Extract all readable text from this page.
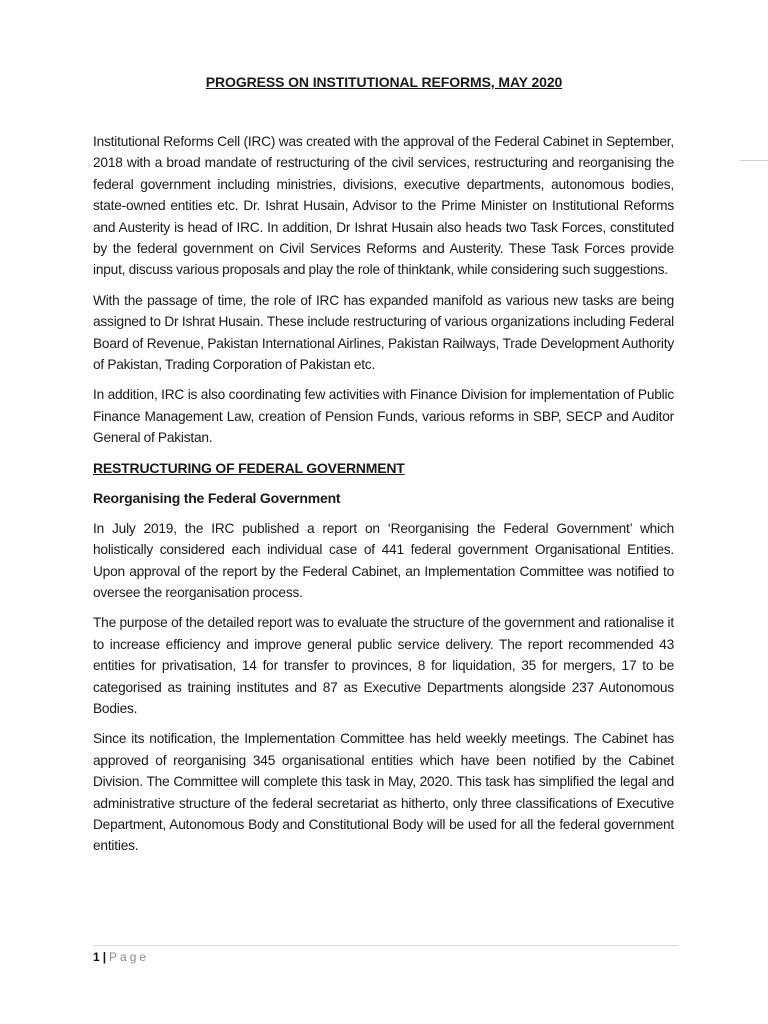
PROGRESS ON INSTITUTIONAL REFORMS, MAY 2020

Institutional Reforms Cell (IRC) was created with the approval of the Federal Cabinet in September, 2018 with a broad mandate of restructuring of the civil services, restructuring and reorganising the federal government including ministries, divisions, executive departments, autonomous bodies, state-owned entities etc. Dr. Ishrat Husain, Advisor to the Prime Minister on Institutional Reforms and Austerity is head of IRC. In addition, Dr Ishrat Husain also heads two Task Forces, constituted by the federal government on Civil Services Reforms and Austerity. These Task Forces provide input, discuss various proposals and play the role of thinktank, while considering such suggestions.

With the passage of time, the role of IRC has expanded manifold as various new tasks are being assigned to Dr Ishrat Husain. These include restructuring of various organizations including Federal Board of Revenue, Pakistan International Airlines, Pakistan Railways, Trade Development Authority of Pakistan, Trading Corporation of Pakistan etc.

In addition, IRC is also coordinating few activities with Finance Division for implementation of Public Finance Management Law, creation of Pension Funds, various reforms in SBP, SECP and Auditor General of Pakistan.

RESTRUCTURING OF FEDERAL GOVERNMENT
Reorganising the Federal Government

In July 2019, the IRC published a report on ‘Reorganising the Federal Government’ which holistically considered each individual case of 441 federal government Organisational Entities. Upon approval of the report by the Federal Cabinet, an Implementation Committee was notified to oversee the reorganisation process.

The purpose of the detailed report was to evaluate the structure of the government and rationalise it to increase efficiency and improve general public service delivery. The report recommended 43 entities for privatisation, 14 for transfer to provinces, 8 for liquidation, 35 for mergers, 17 to be categorised as training institutes and 87 as Executive Departments alongside 237 Autonomous Bodies.

Since its notification, the Implementation Committee has held weekly meetings. The Cabinet has approved of reorganising 345 organisational entities which have been notified by the Cabinet Division. The Committee will complete this task in May, 2020. This task has simplified the legal and administrative structure of the federal secretariat as hitherto, only three classifications of Executive Department, Autonomous Body and Constitutional Body will be used for all the federal government entities.

1 | Page
